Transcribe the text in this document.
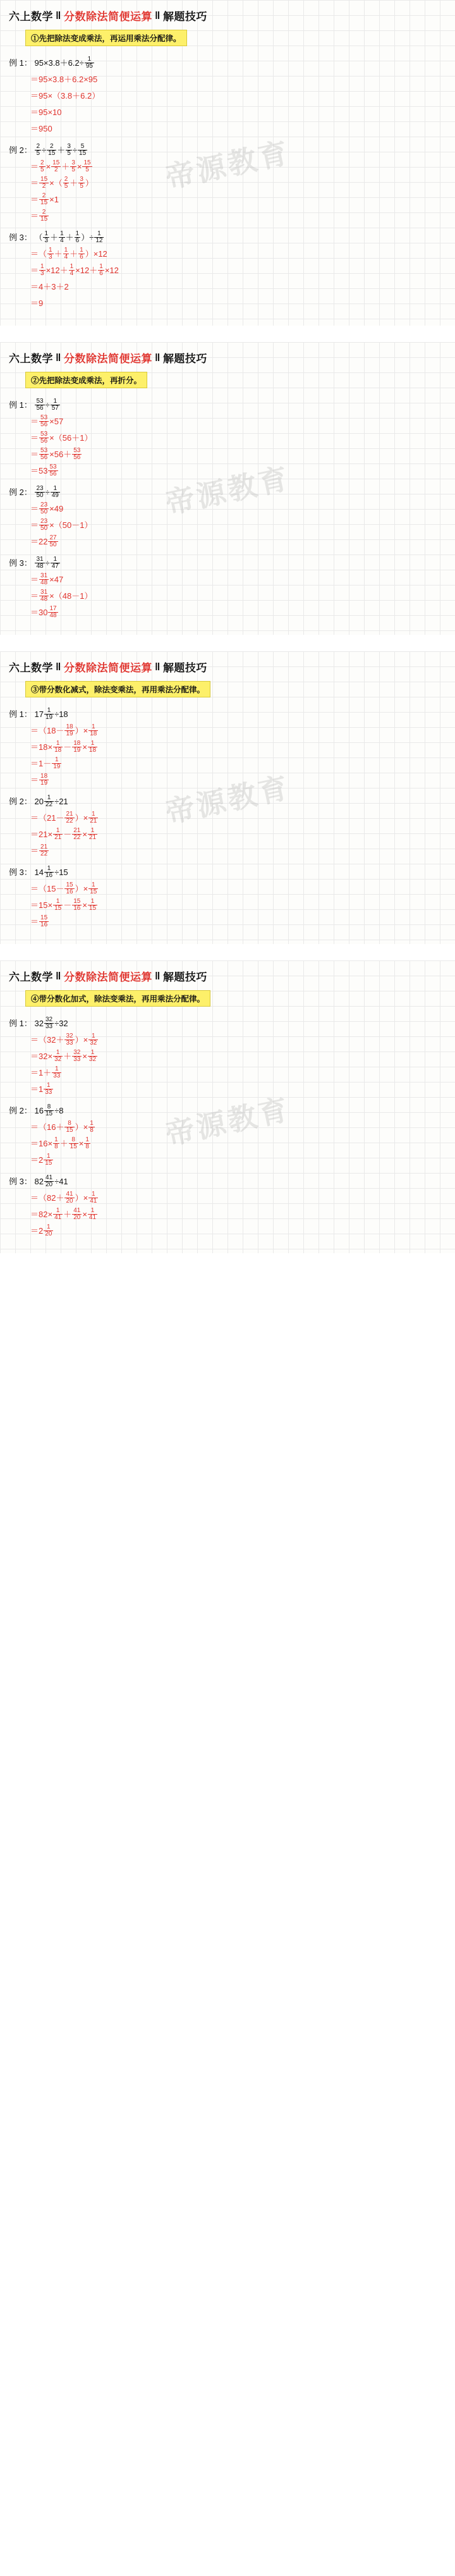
帝源教育
六上数学 ‖ 分数除法简便运算 ‖ 解题技巧
①先把除法变成乘法，再运用乘法分配律。
例 1： $95\times 3.8+6.2\div \frac{1}{95}$
＝95×3.8＋6.2×95
＝95×（3.8＋6.2）
＝95×10
＝950
例 2： $\frac{2}{5} \div \frac{2}{15} + \frac{3}{5} \div \frac{5}{15}$
＝ $\frac{2}{5} \times \frac{15}{2} + \frac{3}{5} \times \frac{15}{5}$
＝ $\frac{15}{2}$ ×（ $\frac{2}{5} + \frac{3}{5}$ ）
＝ $\frac{2}{15} \times 1$
＝ $\frac{2}{15}$
例 3： （ $\frac{1}{3} + \frac{1}{4} + \frac{1}{6}$ ）÷ $\frac{1}{12}$
＝（ $\frac{1}{3} + \frac{1}{4} + \frac{1}{6} )\times 12$
＝ $\frac{1}{3} \times 12+ \frac{1}{4} \times 12+ \frac{1}{6} \times 12$
＝4＋3＋2
＝9
帝源教育
六上数学 ‖ 分数除法简便运算 ‖ 解题技巧
②先把除法变成乘法，再折分。
例 1： $\frac{53}{56} \div \frac{1}{57}$
＝ $\frac{53}{56} \times 57$
＝ $\frac{53}{56} \times(56+1)$
＝ $\frac{53}{56} \times 56+ \frac{53}{56}$
$=53 \frac{53}{56}$
例 2： $\frac{23}{50} \div \frac{1}{49}$
＝ $\frac{23}{50} \times 49$
＝ $\frac{23}{50} \times(50-1)$
$=22 \frac{27}{50}$
例 3： $\frac{31}{48} \div \frac{1}{47}$
＝ $\frac{31}{48} \times 47$
＝ $\frac{31}{48} \times(48-1)$
$=30 \frac{17}{48}$
帝源教育
六上数学 ‖ 分数除法简便运算 ‖ 解题技巧
③带分数化减式，除法变乘法，再用乘法分配律。
例 1： $17 \frac{1}{19} \div 18$
$=(18- \frac{18}{19}$ ）× $\frac{1}{18}$
$=18\times \frac{1}{18} - \frac{18}{19} \times \frac{1}{18}$
$=1- \frac{1}{19}$
＝ $\frac{18}{19}$
例 2： $20 \frac{1}{22} \div 21$
$=(21- \frac{21}{22}$ ）× $\frac{1}{21}$
$=21\times \frac{1}{21} - \frac{21}{22} \times \frac{1}{21}$
＝ $\frac{21}{22}$
例 3： $14 \frac{1}{16} \div 15$
$=(15- \frac{15}{16}$ ）× $\frac{1}{15}$
$=15\times \frac{1}{15} - \frac{15}{16} \times \frac{1}{15}$
＝ $\frac{15}{16}$
帝源教育
六上数学 ‖ 分数除法简便运算 ‖ 解题技巧
④带分数化加式，除法变乘法，再用乘法分配律。
例 1： $32 \frac{32}{33} \div 32$
$=(32+ \frac{32}{33}$ ）× $\frac{1}{32}$
$=32\times \frac{1}{32} + \frac{32}{33} \times \frac{1}{32}$
$=1+ \frac{1}{33}$
$=1 \frac{1}{33}$
例 2： $16 \frac{8}{15} \div 8$
$=(16+ \frac{8}{15}$ ）× $\frac{1}{8}$
$=16\times \frac{1}{8} + \frac{8}{15} \times \frac{1}{8}$
$=2 \frac{1}{15}$
例 3： $82 \frac{41}{20} \div 41$
$=(82+ \frac{41}{20}$ ）× $\frac{1}{41}$
$=82\times \frac{1}{41} + \frac{41}{20} \times \frac{1}{41}$
$=2 \frac{1}{20}$
